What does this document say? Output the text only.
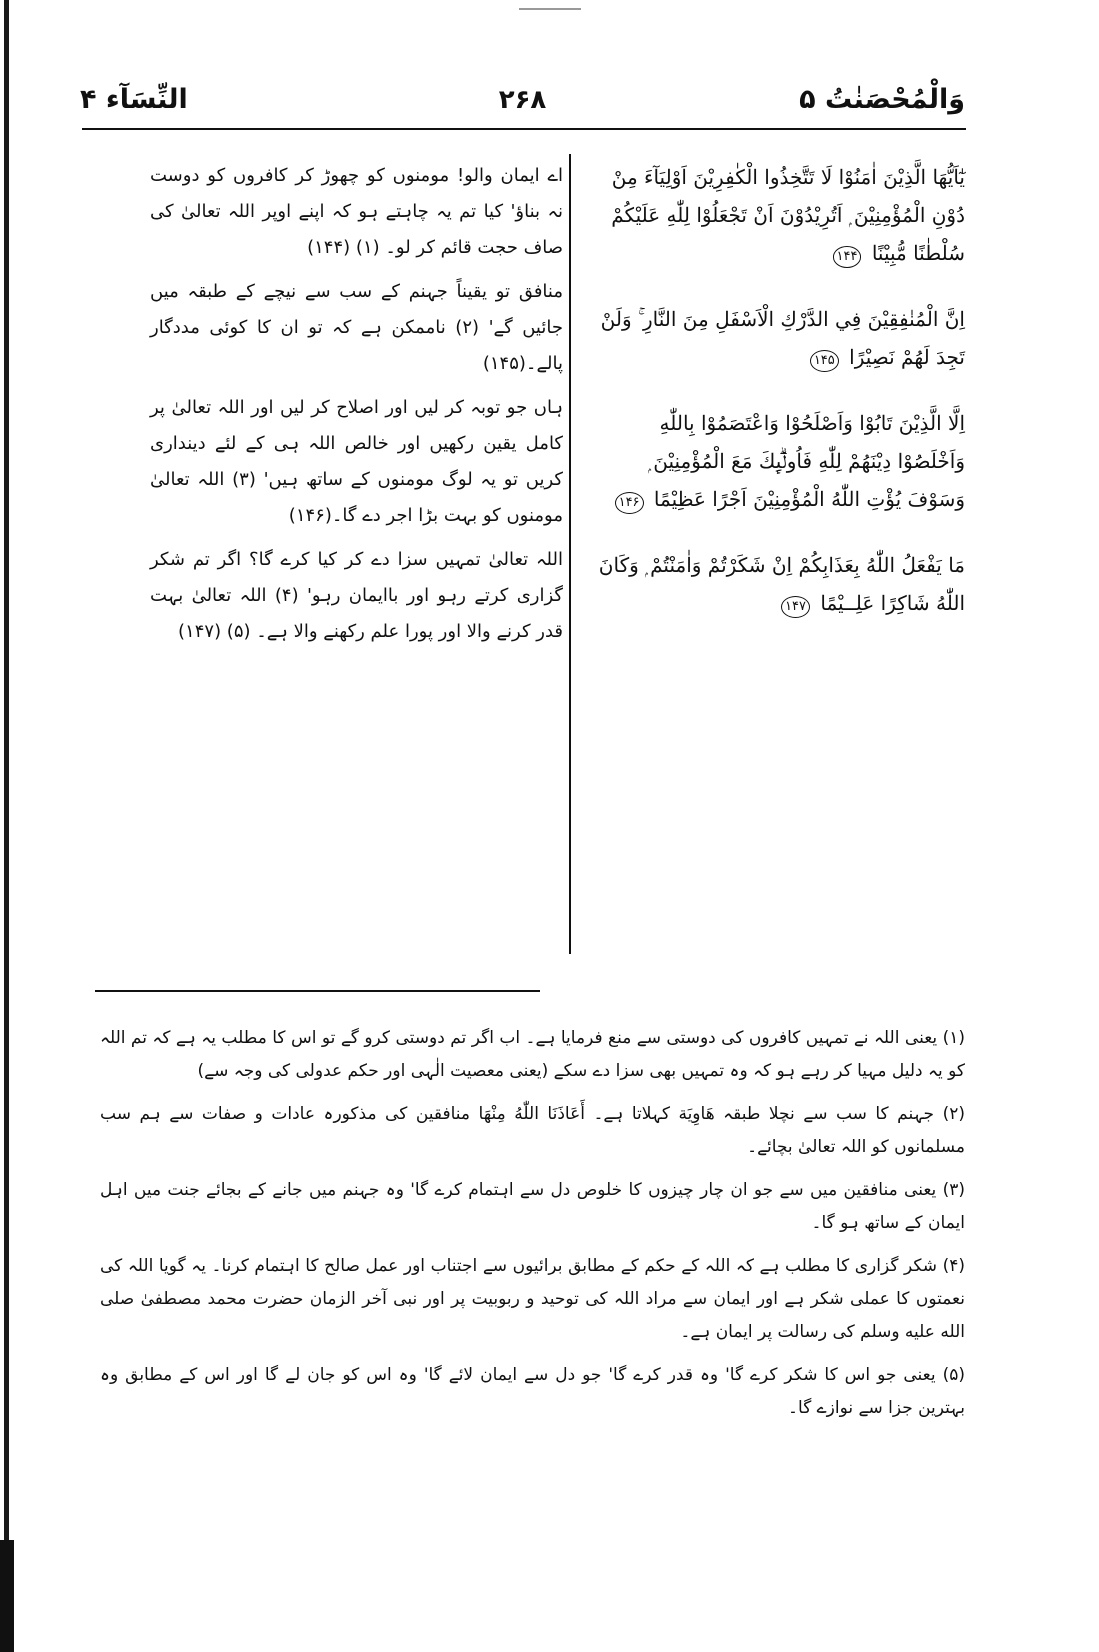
وَالْمُحْصَنٰتُ ۵
۲۶۸
النِّسَآء ۴

يٰٓاَيُّهَا الَّذِيْنَ اٰمَنُوْا لَا تَتَّخِذُوا الْكٰفِرِيْنَ اَوْلِيَآءَ مِنْ دُوْنِ الْمُؤْمِنِيْنَ ۭ اَتُرِيْدُوْنَ اَنْ تَجْعَلُوْا لِلّٰهِ عَلَيْكُمْ سُلْطٰنًا مُّبِيْنًا ۱۴۴

اِنَّ الْمُنٰفِقِيْنَ فِي الدَّرْكِ الْاَسْفَلِ مِنَ النَّارِ ۚ وَلَنْ تَجِدَ لَھُمْ نَصِيْرًا ۱۴۵

اِلَّا الَّذِيْنَ تَابُوْا وَاَصْلَحُوْا وَاعْتَصَمُوْا بِاللّٰهِ وَاَخْلَصُوْا دِيْنَھُمْ لِلّٰهِ فَاُولٰۗىِٕكَ مَعَ الْمُؤْمِنِيْنَ ۭ وَسَوْفَ يُؤْتِ اللّٰهُ الْمُؤْمِنِيْنَ اَجْرًا عَظِيْمًا ۱۴۶

مَا يَفْعَلُ اللّٰهُ بِعَذَابِكُمْ اِنْ شَكَرْتُمْ وَاٰمَنْتُمْ ۭ وَكَانَ اللّٰهُ شَاكِرًا عَلِــيْمًا ۱۴۷

اے ایمان والو! مومنوں کو چھوڑ کر کافروں کو دوست نہ بناؤ' کیا تم یہ چاہتے ہو کہ اپنے اوپر اللہ تعالیٰ کی صاف حجت قائم کر لو۔ (۱) (۱۴۴)

منافق تو یقیناً جہنم کے سب سے نیچے کے طبقہ میں جائیں گے' (۲) ناممکن ہے کہ تو ان کا کوئی مددگار پالے۔(۱۴۵)

ہاں جو توبہ کر لیں اور اصلاح کر لیں اور اللہ تعالیٰ پر کامل یقین رکھیں اور خالص اللہ ہی کے لئے دینداری کریں تو یہ لوگ مومنوں کے ساتھ ہیں' (۳) اللہ تعالیٰ مومنوں کو بہت بڑا اجر دے گا۔(۱۴۶)

اللہ تعالیٰ تمہیں سزا دے کر کیا کرے گا؟ اگر تم شکر گزاری کرتے رہو اور باایمان رہو' (۴) اللہ تعالیٰ بہت قدر کرنے والا اور پورا علم رکھنے والا ہے۔ (۵) (۱۴۷)

(۱) یعنی اللہ نے تمہیں کافروں کی دوستی سے منع فرمایا ہے۔ اب اگر تم دوستی کرو گے تو اس کا مطلب یہ ہے کہ تم اللہ کو یہ دلیل مہیا کر رہے ہو کہ وہ تمہیں بھی سزا دے سکے (یعنی معصیت الٰہی اور حکم عدولی کی وجہ سے)

(۲) جہنم کا سب سے نچلا طبقہ ھَاوِيَة کہلاتا ہے۔ أَعَاذَنَا اللّٰهُ مِنْهَا منافقین کی مذکورہ عادات و صفات سے ہم سب مسلمانوں کو اللہ تعالیٰ بچائے۔

(۳) یعنی منافقین میں سے جو ان چار چیزوں کا خلوص دل سے اہتمام کرے گا' وہ جہنم میں جانے کے بجائے جنت میں اہل ایمان کے ساتھ ہو گا۔

(۴) شکر گزاری کا مطلب ہے کہ اللہ کے حکم کے مطابق برائیوں سے اجتناب اور عمل صالح کا اہتمام کرنا۔ یہ گویا اللہ کی نعمتوں کا عملی شکر ہے اور ایمان سے مراد اللہ کی توحید و ربوبیت پر اور نبی آخر الزمان حضرت محمد مصطفیٰ صلى الله عليه وسلم کی رسالت پر ایمان ہے۔

(۵) یعنی جو اس کا شکر کرے گا' وہ قدر کرے گا' جو دل سے ایمان لائے گا' وہ اس کو جان لے گا اور اس کے مطابق وہ بہترین جزا سے نوازے گا۔
